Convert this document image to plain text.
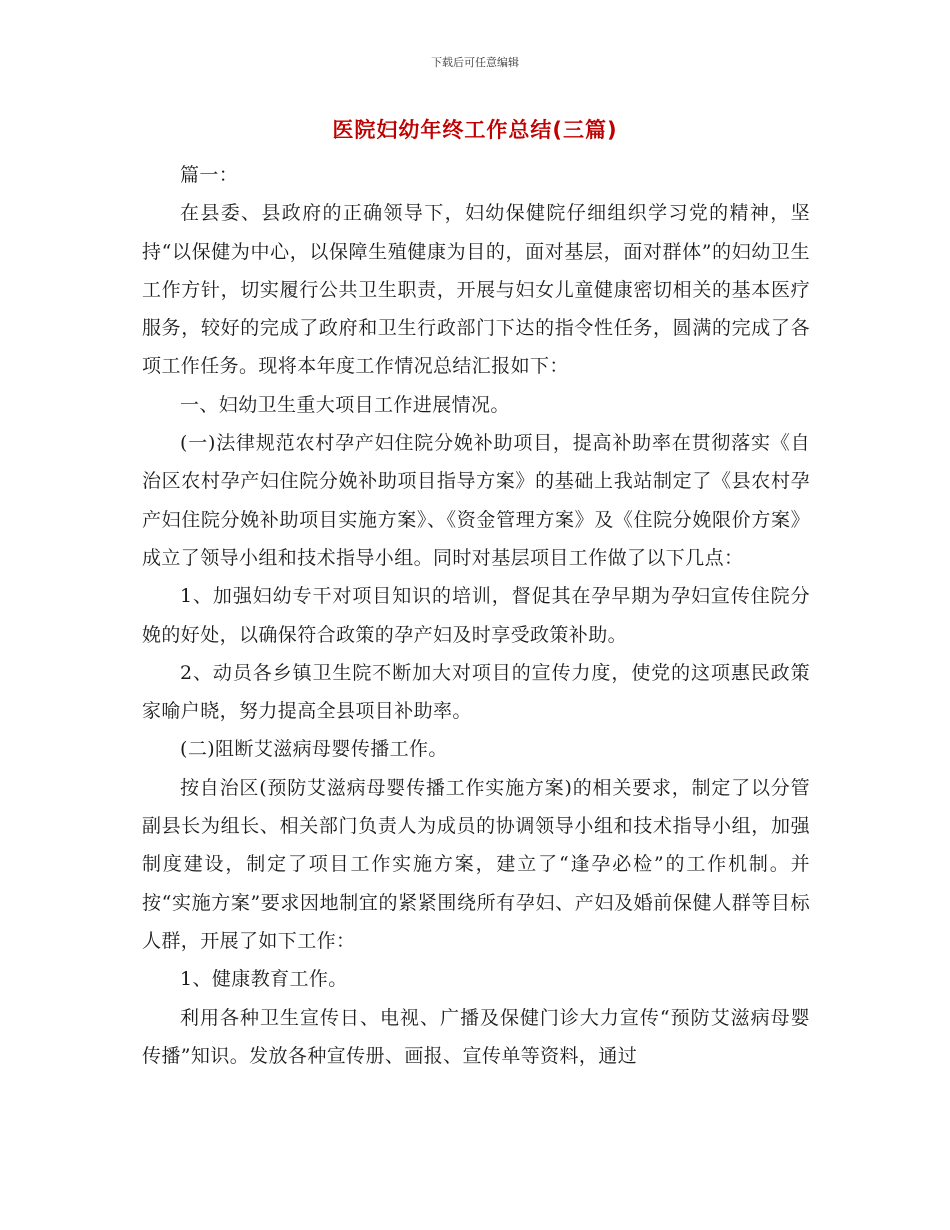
下载后可任意编辑
医院妇幼年终工作总结(三篇)

篇一：

在县委、县政府的正确领导下，妇幼保健院仔细组织学习党的精神，坚持“以保健为中心，以保障生殖健康为目的，面对基层，面对群体”的妇幼卫生工作方针，切实履行公共卫生职责，开展与妇女儿童健康密切相关的基本医疗服务，较好的完成了政府和卫生行政部门下达的指令性任务，圆满的完成了各项工作任务。现将本年度工作情况总结汇报如下：

一、妇幼卫生重大项目工作进展情况。

(一)法律规范农村孕产妇住院分娩补助项目，提高补助率在贯彻落实《自治区农村孕产妇住院分娩补助项目指导方案》的基础上我站制定了《县农村孕产妇住院分娩补助项目实施方案》、《资金管理方案》及《住院分娩限价方案》成立了领导小组和技术指导小组。同时对基层项目工作做了以下几点：

1、加强妇幼专干对项目知识的培训，督促其在孕早期为孕妇宣传住院分娩的好处，以确保符合政策的孕产妇及时享受政策补助。

2、动员各乡镇卫生院不断加大对项目的宣传力度，使党的这项惠民政策家喻户晓，努力提高全县项目补助率。

(二)阻断艾滋病母婴传播工作。

按自治区(预防艾滋病母婴传播工作实施方案)的相关要求，制定了以分管副县长为组长、相关部门负责人为成员的协调领导小组和技术指导小组，加强制度建设，制定了项目工作实施方案，建立了“逢孕必检”的工作机制。并按“实施方案”要求因地制宜的紧紧围绕所有孕妇、产妇及婚前保健人群等目标人群，开展了如下工作：

1、健康教育工作。

利用各种卫生宣传日、电视、广播及保健门诊大力宣传“预防艾滋病母婴传播”知识。发放各种宣传册、画报、宣传单等资料，通过
